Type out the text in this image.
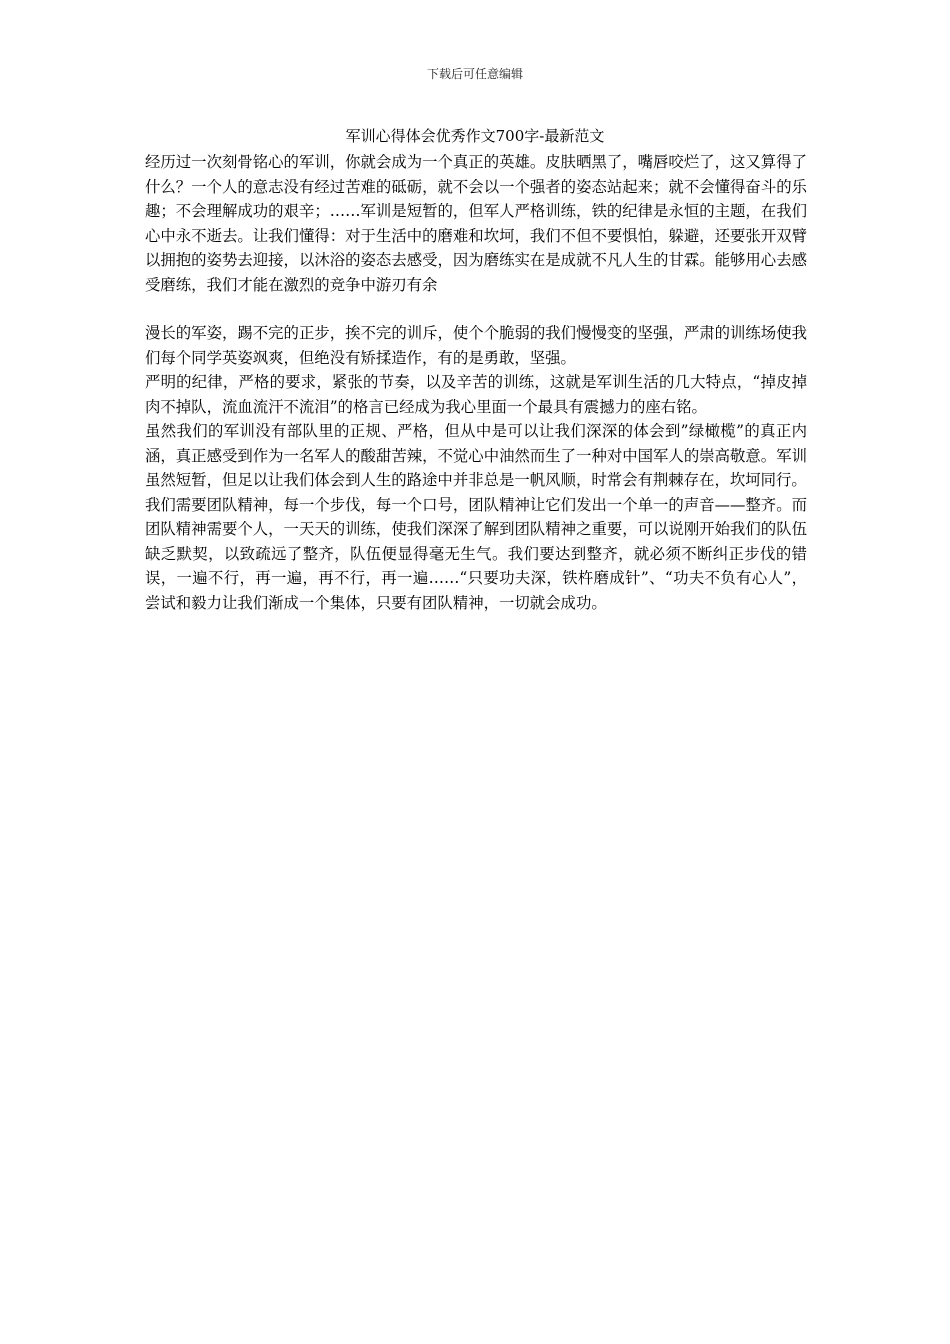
下载后可任意编辑
军训心得体会优秀作文700字-最新范文

经历过一次刻骨铭心的军训，你就会成为一个真正的英雄。皮肤晒黑了，嘴唇咬烂了，这又算得了什么？一个人的意志没有经过苦难的砥砺，就不会以一个强者的姿态站起来；就不会懂得奋斗的乐趣；不会理解成功的艰辛；……军训是短暂的，但军人严格训练，铁的纪律是永恒的主题，在我们心中永不逝去。让我们懂得：对于生活中的磨难和坎坷，我们不但不要惧怕，躲避，还要张开双臂以拥抱的姿势去迎接，以沐浴的姿态去感受，因为磨练实在是成就不凡人生的甘霖。能够用心去感受磨练，我们才能在激烈的竞争中游刃有余

漫长的军姿，踢不完的正步，挨不完的训斥，使个个脆弱的我们慢慢变的坚强，严肃的训练场使我们每个同学英姿飒爽，但绝没有矫揉造作，有的是勇敢，坚强。

严明的纪律，严格的要求，紧张的节奏，以及辛苦的训练，这就是军训生活的几大特点，“掉皮掉肉不掉队，流血流汗不流泪”的格言已经成为我心里面一个最具有震撼力的座右铭。

虽然我们的军训没有部队里的正规、严格，但从中是可以让我们深深的体会到”绿橄榄”的真正内涵，真正感受到作为一名军人的酸甜苦辣，不觉心中油然而生了一种对中国军人的崇高敬意。军训虽然短暂，但足以让我们体会到人生的路途中并非总是一帆风顺，时常会有荆棘存在，坎坷同行。

我们需要团队精神，每一个步伐，每一个口号，团队精神让它们发出一个单一的声音——整齐。而团队精神需要个人，一天天的训练，使我们深深了解到团队精神之重要，可以说刚开始我们的队伍缺乏默契，以致疏远了整齐，队伍便显得毫无生气。我们要达到整齐，就必须不断纠正步伐的错误，一遍不行，再一遍，再不行，再一遍……“只要功夫深，铁杵磨成针”、“功夫不负有心人”，尝试和毅力让我们渐成一个集体，只要有团队精神，一切就会成功。
